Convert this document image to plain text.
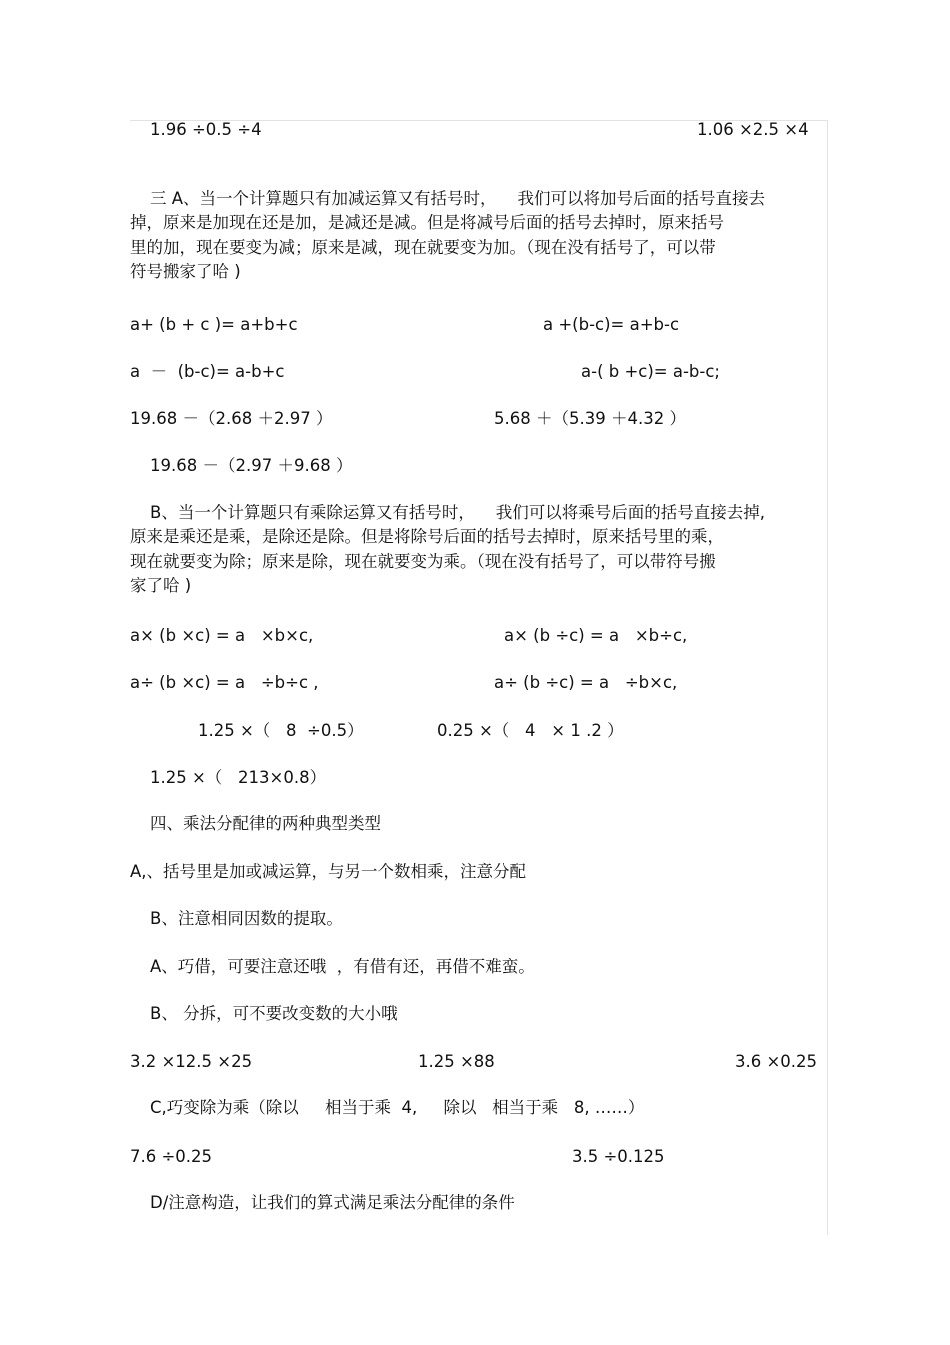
1.96 ÷0.5 ÷4	1.06 ×2.5 ×4
三 A、当一个计算题只有加减运算又有括号时，    我们可以将加号后面的括号直接去
掉，原来是加现在还是加，是减还是减。但是将减号后面的括号去掉时，原来括号
里的加，现在要变为减；原来是减，现在就要变为加。（现在没有括号了，可以带
符号搬家了哈 )
a+ (b + c )= a+b+c	a +(b-c)= a+b-c
a  －  (b-c)= a-b+c	a-( b +c)= a-b-c;
19.68 －（2.68 ＋2.97 ）	5.68 ＋（5.39 ＋4.32 ）
19.68 －（2.97 ＋9.68 ）
B、当一个计算题只有乘除运算又有括号时，    我们可以将乘号后面的括号直接去掉,
原来是乘还是乘，是除还是除。但是将除号后面的括号去掉时，原来括号里的乘，
现在就要变为除；原来是除，现在就要变为乘。（现在没有括号了，可以带符号搬
家了哈 )
a× (b ×c) = a   ×b×c,	a× (b ÷c) = a   ×b÷c,
a÷ (b ×c) = a   ÷b÷c ,	a÷ (b ÷c) = a   ÷b×c,
1.25 ×（   8  ÷0.5）	0.25 ×（   4   × 1 .2 ）
1.25 ×（   213×0.8）
四、乘法分配律的两种典型类型
A,、括号里是加或减运算，与另一个数相乘，注意分配
B、注意相同因数的提取。
A、巧借，可要注意还哦  ，有借有还，再借不难蛮。
B、 分拆，可不要改变数的大小哦
3.2 ×12.5 ×25	1.25 ×88	3.6 ×0.25
C,巧变除为乘（除以     相当于乘  4,     除以   相当于乘   8, ……）
7.6 ÷0.25	3.5 ÷0.125
D/注意构造，让我们的算式满足乘法分配律的条件
